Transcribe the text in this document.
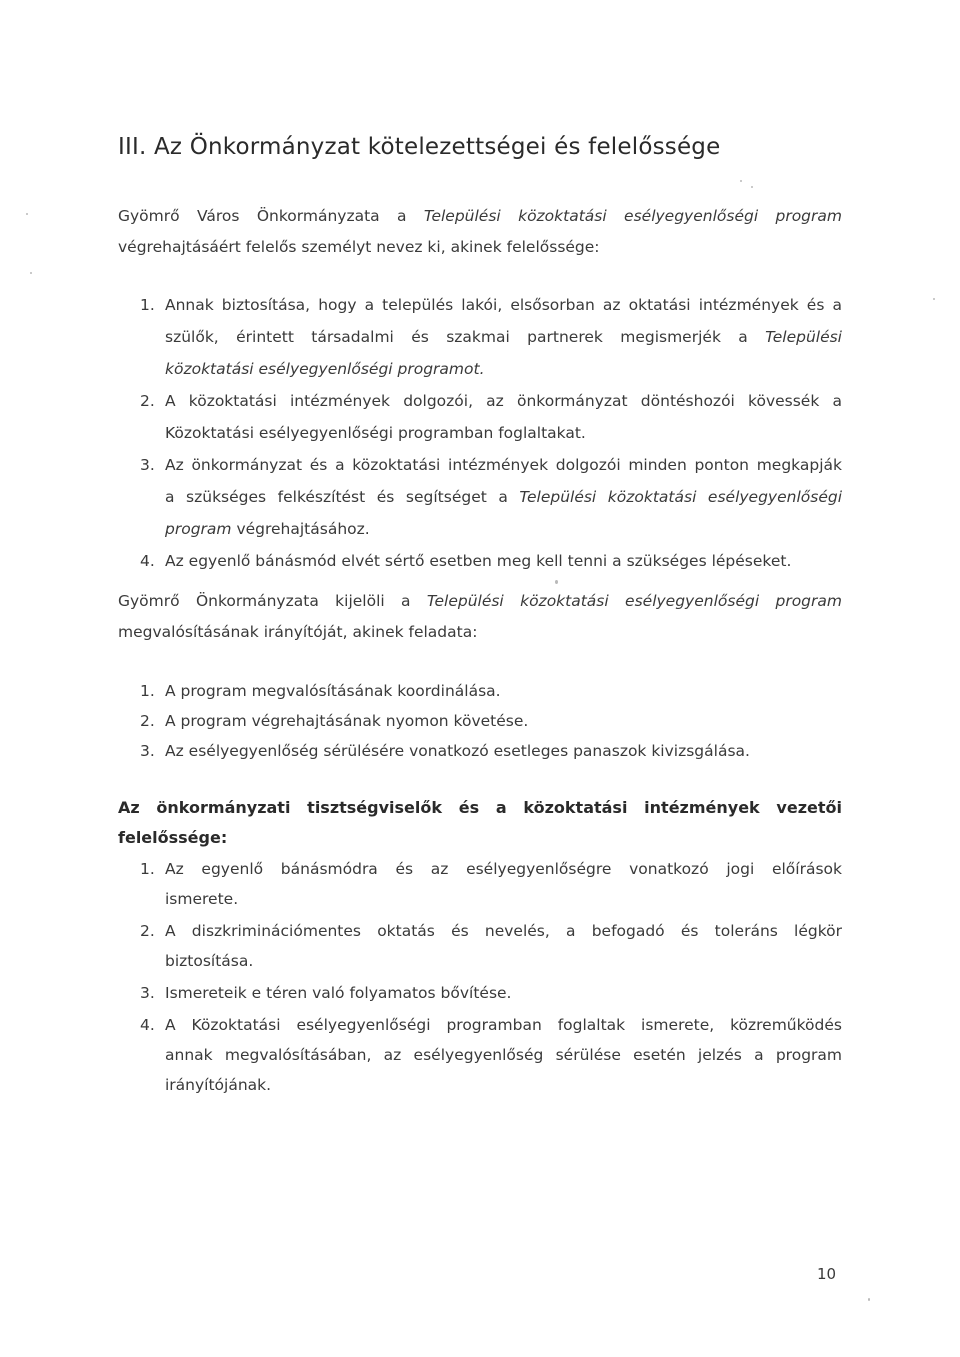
III. Az Önkormányzat kötelezettségei és felelőssége
Gyömrő Város Önkormányzata a Települési közoktatási esélyegyenlőségi program
végrehajtásáért felelős személyt nevez ki, akinek felelőssége:
1. Annak biztosítása, hogy a település lakói, elsősorban az oktatási intézmények és a
szülők, érintett társadalmi és szakmai partnerek megismerjék a Települési
közoktatási esélyegyenlőségi programot.
2. A közoktatási intézmények dolgozói, az önkormányzat döntéshozói kövessék a
Közoktatási esélyegyenlőségi programban foglaltakat.
3. Az önkormányzat és a közoktatási intézmények dolgozói minden ponton megkapják
a szükséges felkészítést és segítséget a Települési közoktatási esélyegyenlőségi
program végrehajtásához.
4. Az egyenlő bánásmód elvét sértő esetben meg kell tenni a szükséges lépéseket.
Gyömrő Önkormányzata kijelöli a Települési közoktatási esélyegyenlőségi program
megvalósításának irányítóját, akinek feladata:
1. A program megvalósításának koordinálása.
2. A program végrehajtásának nyomon követése.
3. Az esélyegyenlőség sérülésére vonatkozó esetleges panaszok kivizsgálása.
Az önkormányzati tisztségviselők és a közoktatási intézmények vezetői
felelőssége:
1. Az egyenlő bánásmódra és az esélyegyenlőségre vonatkozó jogi előírások
ismerete.
2. A diszkriminációmentes oktatás és nevelés, a befogadó és toleráns légkör
biztosítása.
3. Ismereteik e téren való folyamatos bővítése.
4. A Közoktatási esélyegyenlőségi programban foglaltak ismerete, közreműködés
annak megvalósításában, az esélyegyenlőség sérülése esetén jelzés a program
irányítójának.
10
